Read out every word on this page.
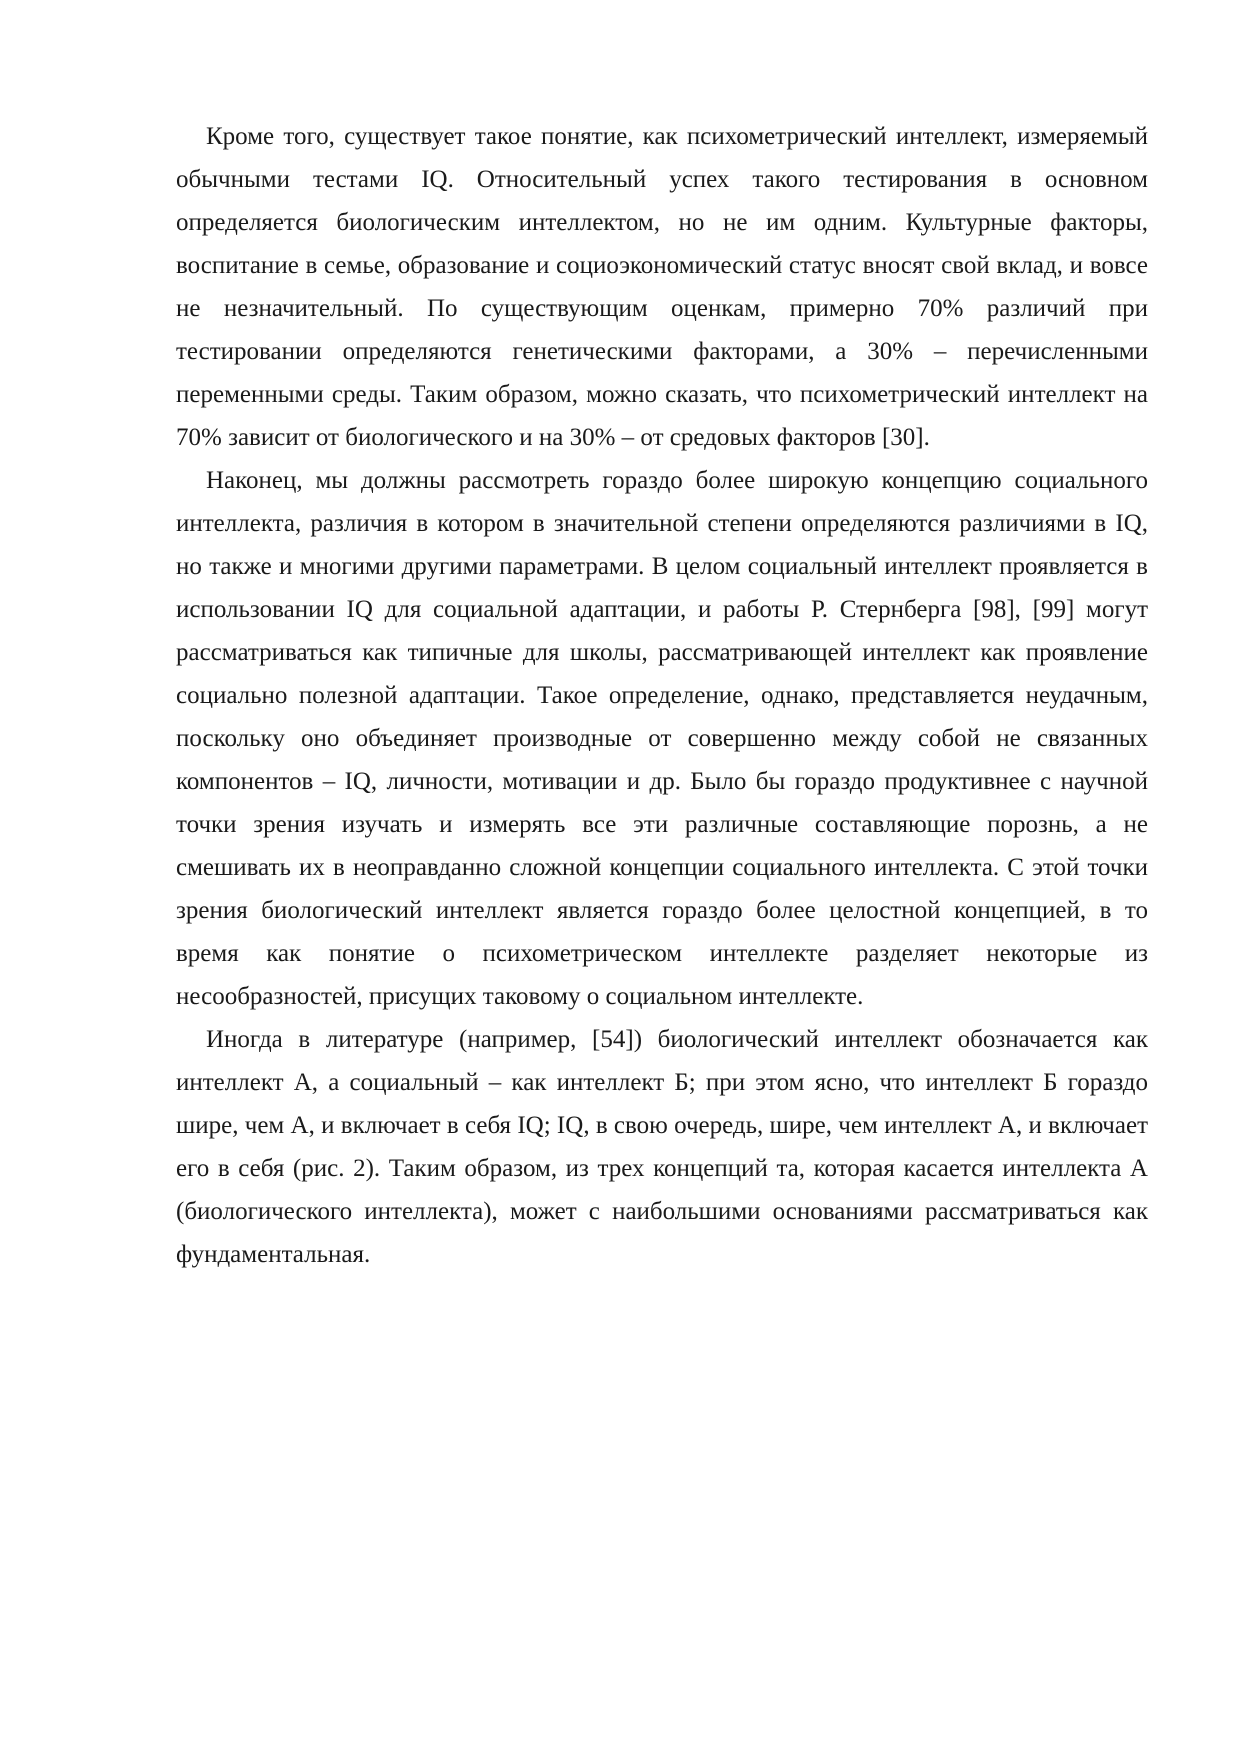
Кроме того, существует такое понятие, как психометрический интеллект, измеряемый обычными тестами IQ. Относительный успех такого тестирования в основном определяется биологическим интеллектом, но не им одним. Культурные факторы, воспитание в семье, образование и социоэкономический статус вносят свой вклад, и вовсе не незначительный. По существующим оценкам, примерно 70% различий при тестировании определяются генетическими факторами, а 30% – перечисленными переменными среды. Таким образом, можно сказать, что психометрический интеллект на 70% зависит от биологического и на 30% – от средовых факторов [30].

Наконец, мы должны рассмотреть гораздо более широкую концепцию социального интеллекта, различия в котором в значительной степени определяются различиями в IQ, но также и многими другими параметрами. В целом социальный интеллект проявляется в использовании IQ для социальной адаптации, и работы Р. Стернберга [98], [99] могут рассматриваться как типичные для школы, рассматривающей интеллект как проявление социально полезной адаптации. Такое определение, однако, представляется неудачным, поскольку оно объединяет производные от совершенно между собой не связанных компонентов – IQ, личности, мотивации и др. Было бы гораздо продуктивнее с научной точки зрения изучать и измерять все эти различные составляющие порознь, а не смешивать их в неоправданно сложной концепции социального интеллекта. С этой точки зрения биологический интеллект является гораздо более целостной концепцией, в то время как понятие о психометрическом интеллекте разделяет некоторые из несообразностей, присущих таковому о социальном интеллекте.

Иногда в литературе (например, [54]) биологический интеллект обозначается как интеллект А, а социальный – как интеллект Б; при этом ясно, что интеллект Б гораздо шире, чем А, и включает в себя IQ; IQ, в свою очередь, шире, чем интеллект А, и включает его в себя (рис. 2). Таким образом, из трех концепций та, которая касается интеллекта А (биологического интеллекта), может с наибольшими основаниями рассматриваться как фундаментальная.
